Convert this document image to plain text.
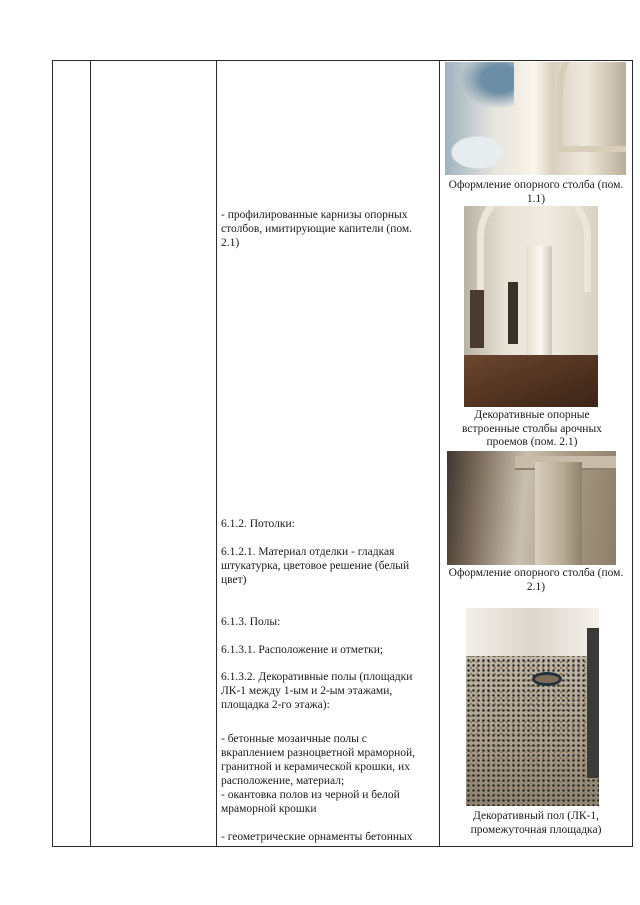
- профилированные карнизы опорных столбов, имитирующие капители (пом. 2.1)
6.1.2. Потолки:
6.1.2.1. Материал отделки - гладкая штукатурка, цветовое решение (белый цвет)
6.1.3. Полы:
6.1.3.1. Расположение и отметки;
6.1.3.2. Декоративные полы (площадки ЛК-1 между 1-ым и 2-ым этажами, площадка 2-го этажа):
- бетонные мозаичные полы с вкраплением разноцветной мраморной, гранитной и керамической крошки, их расположение, материал;
- окантовка полов из черной и белой мраморной крошки
- геометрические орнаменты бетонных
Оформление опорного столба (пом. 1.1)
Декоративные опорные встроенные столбы арочных проемов (пом. 2.1)
Оформление опорного столба (пом. 2.1)
Декоративный пол (ЛК-1, промежуточная площадка)
